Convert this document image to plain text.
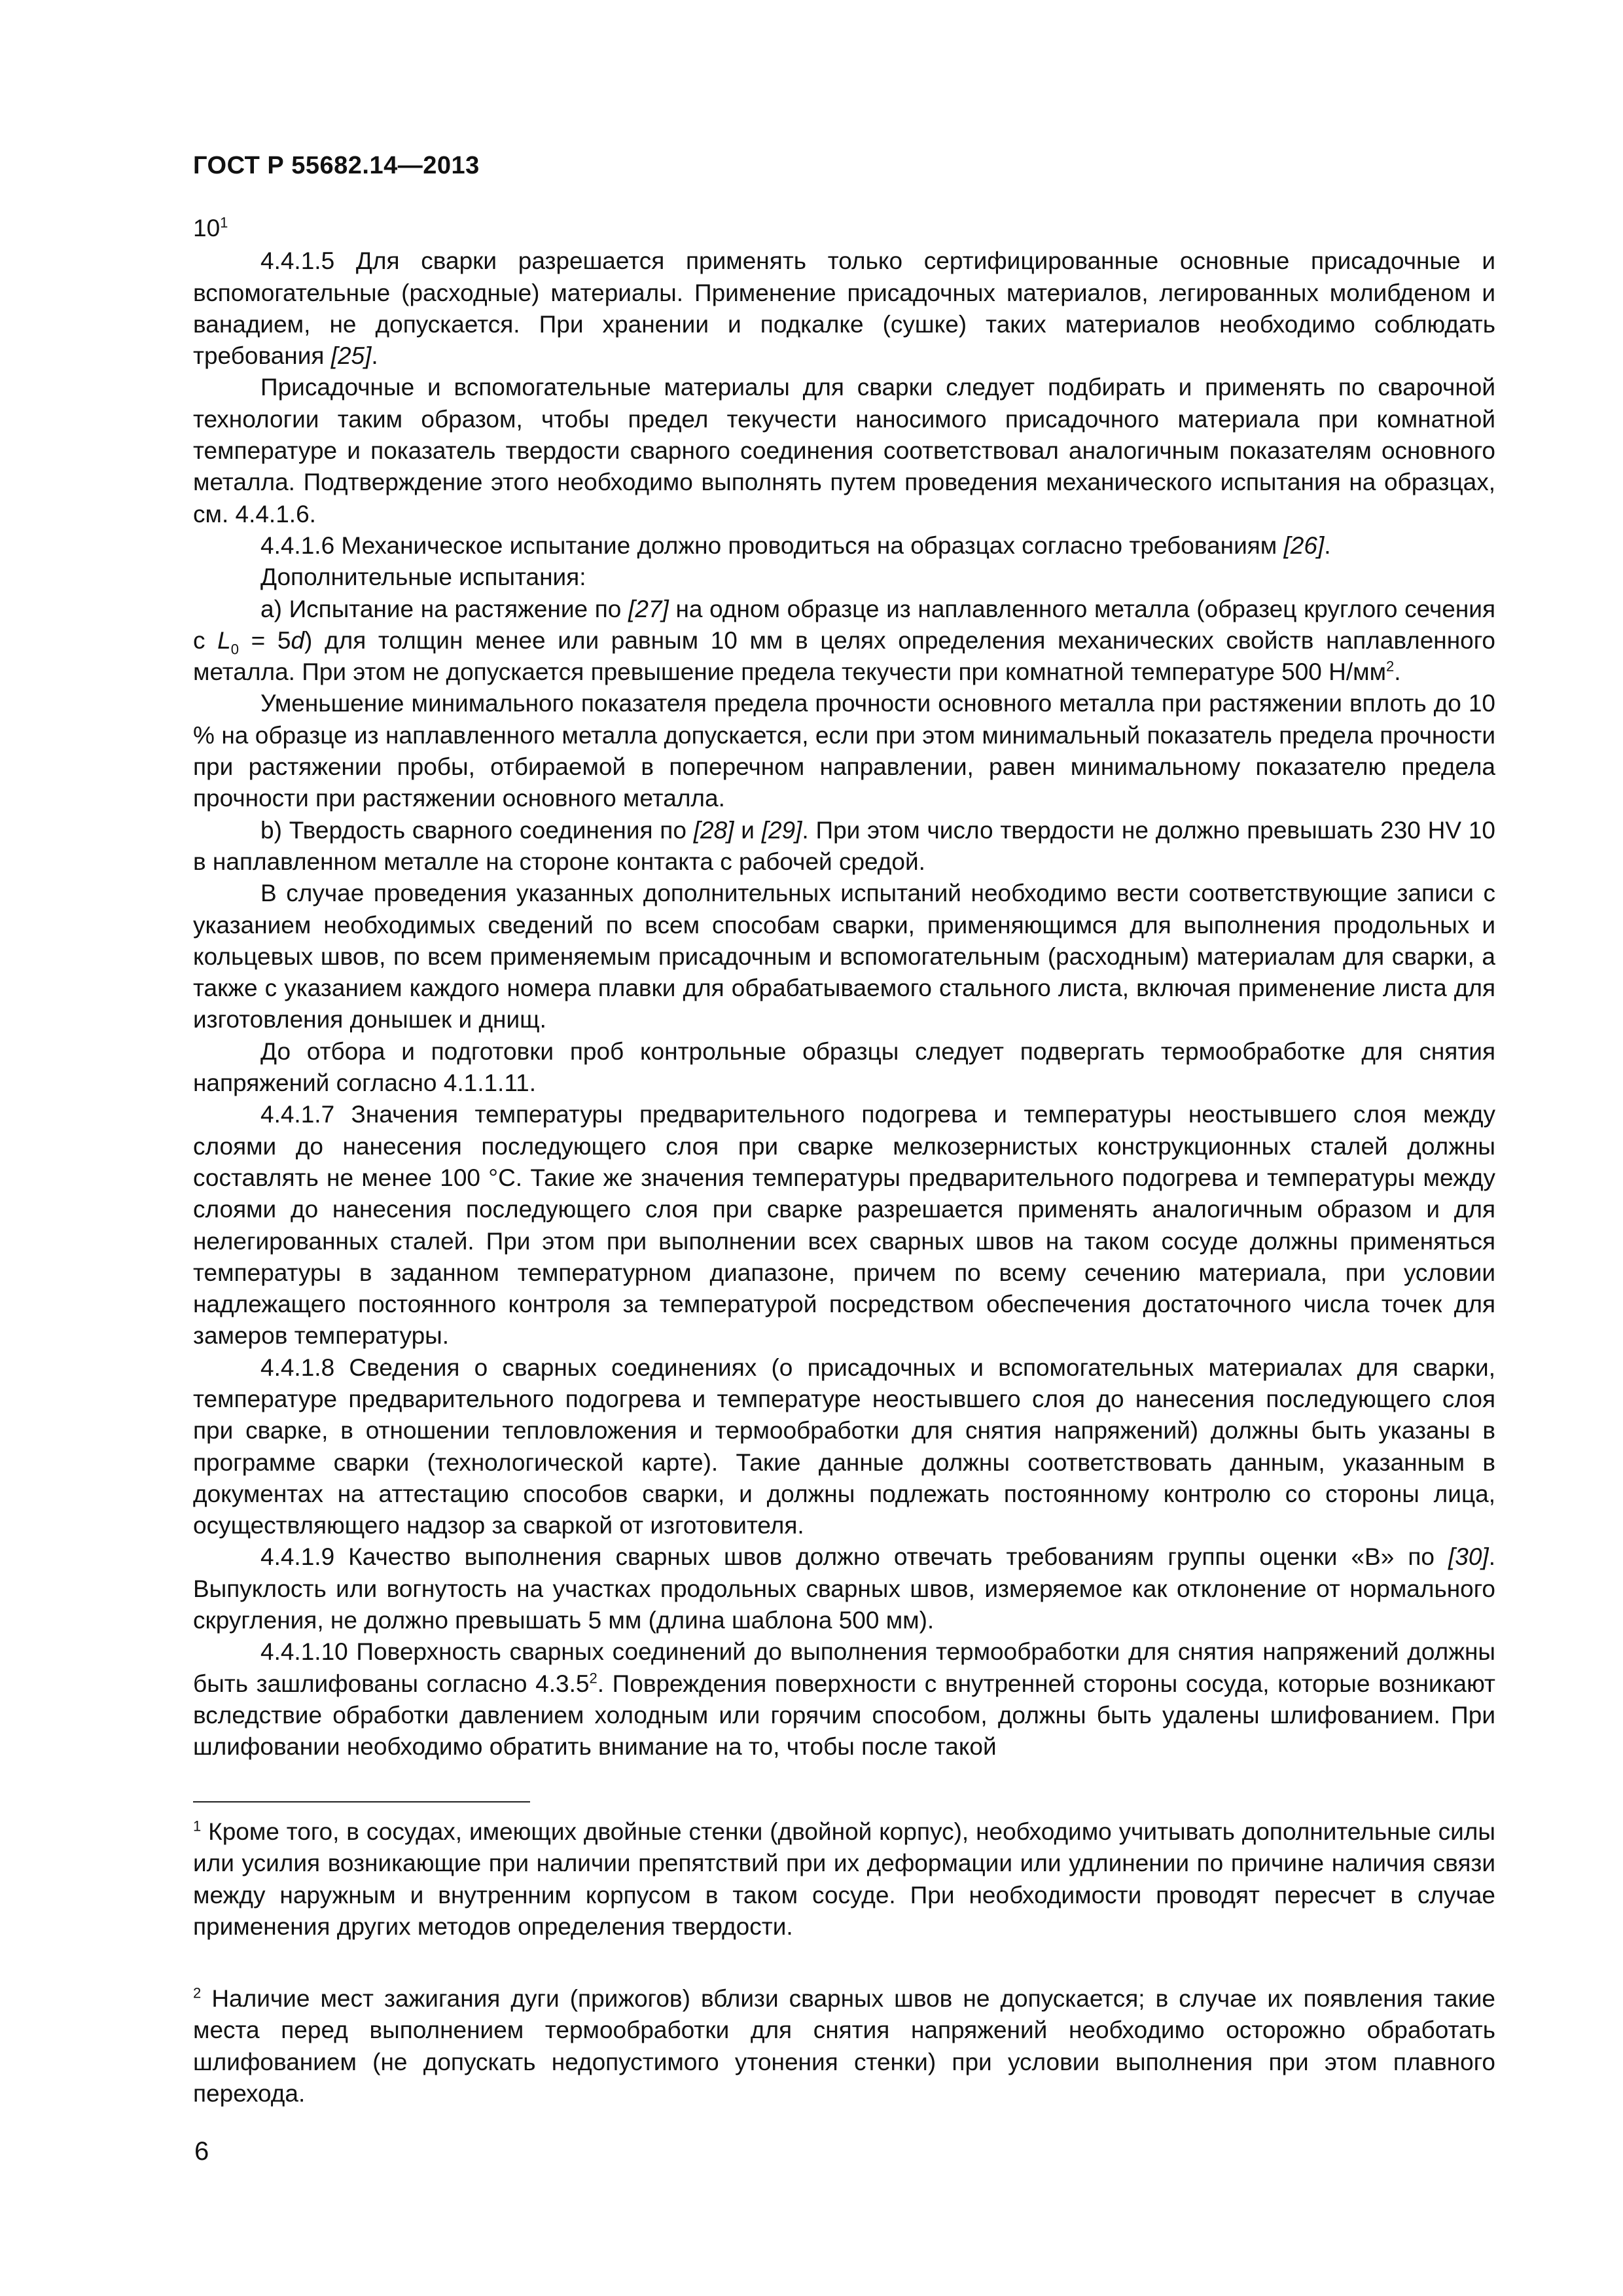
ГОСТ Р 55682.14—2013

$10^1$

4.4.1.5 Для сварки разрешается применять только сертифицированные основные присадочные и вспомогательные (расходные) материалы. Применение присадочных материалов, легированных молибденом и ванадием, не допускается. При хранении и подкалке (сушке) таких материалов необходимо соблюдать требования [25].

Присадочные и вспомогательные материалы для сварки следует подбирать и применять по сварочной технологии таким образом, чтобы предел текучести наносимого присадочного материала при комнатной температуре и показатель твердости сварного соединения соответствовал аналогичным показателям основного металла. Подтверждение этого необходимо выполнять путем проведения механического испытания на образцах, см. 4.4.1.6.

4.4.1.6 Механическое испытание должно проводиться на образцах согласно требованиям [26].

Дополнительные испытания:

a) Испытание на растяжение по [27] на одном образце из наплавленного металла (образец круглого сечения с $L_0 = 5d$) для толщин менее или равным 10 мм в целях определения механических свойств наплавленного металла. При этом не допускается превышение предела текучести при комнатной температуре 500 $Н/мм^2$.

Уменьшение минимального показателя предела прочности основного металла при растяжении вплоть до 10 % на образце из наплавленного металла допускается, если при этом минимальный показатель предела прочности при растяжении пробы, отбираемой в поперечном направлении, равен минимальному показателю предела прочности при растяжении основного металла.

b) Твердость сварного соединения по [28] и [29]. При этом число твердости не должно превышать 230 HV 10 в наплавленном металле на стороне контакта с рабочей средой.

В случае проведения указанных дополнительных испытаний необходимо вести соответствующие записи с указанием необходимых сведений по всем способам сварки, применяющимся для выполнения продольных и кольцевых швов, по всем применяемым присадочным и вспомогательным (расходным) материалам для сварки, а также с указанием каждого номера плавки для обрабатываемого стального листа, включая применение листа для изготовления донышек и днищ.

До отбора и подготовки проб контрольные образцы следует подвергать термообработке для снятия напряжений согласно 4.1.1.11.

4.4.1.7 Значения температуры предварительного подогрева и температуры неостывшего слоя между слоями до нанесения последующего слоя при сварке мелкозернистых конструкционных сталей должны составлять не менее 100 °С. Такие же значения температуры предварительного подогрева и температуры между слоями до нанесения последующего слоя при сварке разрешается применять аналогичным образом и для нелегированных сталей. При этом при выполнении всех сварных швов на таком сосуде должны применяться температуры в заданном температурном диапазоне, причем по всему сечению материала, при условии надлежащего постоянного контроля за температурой посредством обеспечения достаточного числа точек для замеров температуры.

4.4.1.8 Сведения о сварных соединениях (о присадочных и вспомогательных материалах для сварки, температуре предварительного подогрева и температуре неостывшего слоя до нанесения последующего слоя при сварке, в отношении тепловложения и термообработки для снятия напряжений) должны быть указаны в программе сварки (технологической карте). Такие данные должны соответствовать данным, указанным в документах на аттестацию способов сварки, и должны подлежать постоянному контролю со стороны лица, осуществляющего надзор за сваркой от изготовителя.

4.4.1.9 Качество выполнения сварных швов должно отвечать требованиям группы оценки «B» по [30]. Выпуклость или вогнутость на участках продольных сварных швов, измеряемое как отклонение от нормального скругления, не должно превышать 5 мм (длина шаблона 500 мм).

4.4.1.10 Поверхность сварных соединений до выполнения термообработки для снятия напряжений должны быть зашлифованы согласно 4.3.5$^2$. Повреждения поверхности с внутренней стороны сосуда, которые возникают вследствие обработки давлением холодным или горячим способом, должны быть удалены шлифованием. При шлифовании необходимо обратить внимание на то, чтобы после такой

$^1$ Кроме того, в сосудах, имеющих двойные стенки (двойной корпус), необходимо учитывать дополнительные силы или усилия возникающие при наличии препятствий при их деформации или удлинении по причине наличия связи между наружным и внутренним корпусом в таком сосуде. При необходимости проводят пересчет в случае применения других методов определения твердости.

$^2$ Наличие мест зажигания дуги (прижогов) вблизи сварных швов не допускается; в случае их появления такие места перед выполнением термообработки для снятия напряжений необходимо осторожно обработать шлифованием (не допускать недопустимого утонения стенки) при условии выполнения при этом плавного перехода.

6
